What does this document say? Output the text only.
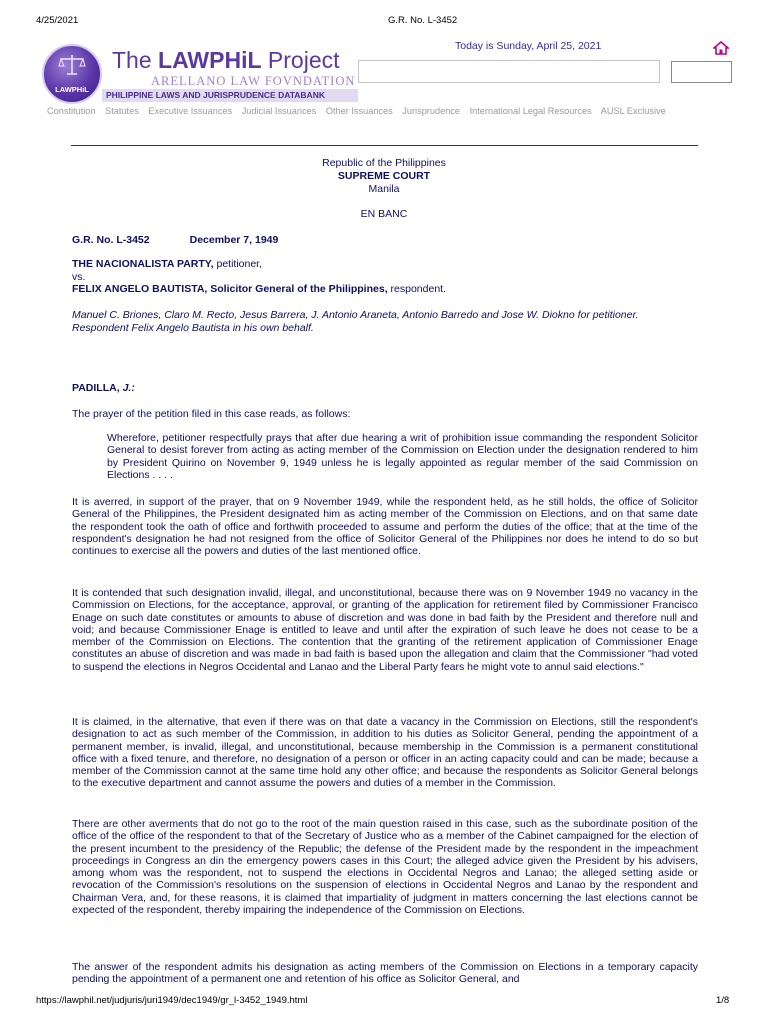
4/25/2021	G.R. No. L-3452
LAWPHiL
The LAWPHiL Project
ARELLANO LAW FOVNDATION
PHILIPPINE LAWS AND JURISPRUDENCE DATABANK
Today is Sunday, April 25, 2021
Constitution Statutes Executive Issuances Judicial Issuances Other Issuances Jurisprudence International Legal Resources AUSL Exclusive
Republic of the Philippines
SUPREME COURT
Manila
EN BANC
G.R. No. L-3452	December 7, 1949
THE NACIONALISTA PARTY, petitioner,
vs.
FELIX ANGELO BAUTISTA, Solicitor General of the Philippines, respondent.
Manuel C. Briones, Claro M. Recto, Jesus Barrera, J. Antonio Araneta, Antonio Barredo and Jose W. Diokno for petitioner.
Respondent Felix Angelo Bautista in his own behalf.
PADILLA, J.:

The prayer of the petition filed in this case reads, as follows:

Wherefore, petitioner respectfully prays that after due hearing a writ of prohibition issue commanding the respondent Solicitor General to desist forever from acting as acting member of the Commission on Election under the designation rendered to him by President Quirino on November 9, 1949 unless he is legally appointed as regular member of the said Commission on Elections . . . .

It is averred, in support of the prayer, that on 9 November 1949, while the respondent held, as he still holds, the office of Solicitor General of the Philippines, the President designated him as acting member of the Commission on Elections, and on that same date the respondent took the oath of office and forthwith proceeded to assume and perform the duties of the office; that at the time of the respondent's designation he had not resigned from the office of Solicitor General of the Philippines nor does he intend to do so but continues to exercise all the powers and duties of the last mentioned office.

It is contended that such designation invalid, illegal, and unconstitutional, because there was on 9 November 1949 no vacancy in the Commission on Elections, for the acceptance, approval, or granting of the application for retirement filed by Commissioner Francisco Enage on such date constitutes or amounts to abuse of discretion and was done in bad faith by the President and therefore null and void; and because Commissioner Enage is entitled to leave and until after the expiration of such leave he does not cease to be a member of the Commission on Elections. The contention that the granting of the retirement application of Commissioner Enage constitutes an abuse of discretion and was made in bad faith is based upon the allegation and claim that the Commissioner "had voted to suspend the elections in Negros Occidental and Lanao and the Liberal Party fears he might vote to annul said elections."

It is claimed, in the alternative, that even if there was on that date a vacancy in the Commission on Elections, still the respondent's designation to act as such member of the Commission, in addition to his duties as Solicitor General, pending the appointment of a permanent member, is invalid, illegal, and unconstitutional, because membership in the Commission is a permanent constitutional office with a fixed tenure, and therefore, no designation of a person or officer in an acting capacity could and can be made; because a member of the Commission cannot at the same time hold any other office; and because the respondents as Solicitor General belongs to the executive department and cannot assume the powers and duties of a member in the Commission.

There are other averments that do not go to the root of the main question raised in this case, such as the subordinate position of the office of the office of the respondent to that of the Secretary of Justice who as a member of the Cabinet campaigned for the election of the present incumbent to the presidency of the Republic; the defense of the President made by the respondent in the impeachment proceedings in Congress an din the emergency powers cases in this Court; the alleged advice given the President by his advisers, among whom was the respondent, not to suspend the elections in Occidental Negros and Lanao; the alleged setting aside or revocation of the Commission's resolutions on the suspension of elections in Occidental Negros and Lanao by the respondent and Chairman Vera, and, for these reasons, it is claimed that impartiality of judgment in matters concerning the last elections cannot be expected of the respondent, thereby impairing the independence of the Commission on Elections.

The answer of the respondent admits his designation as acting members of the Commission on Elections in a temporary capacity pending the appointment of a permanent one and retention of his office as Solicitor General, and

https://lawphil.net/judjuris/juri1949/dec1949/gr_l-3452_1949.html	1/8
